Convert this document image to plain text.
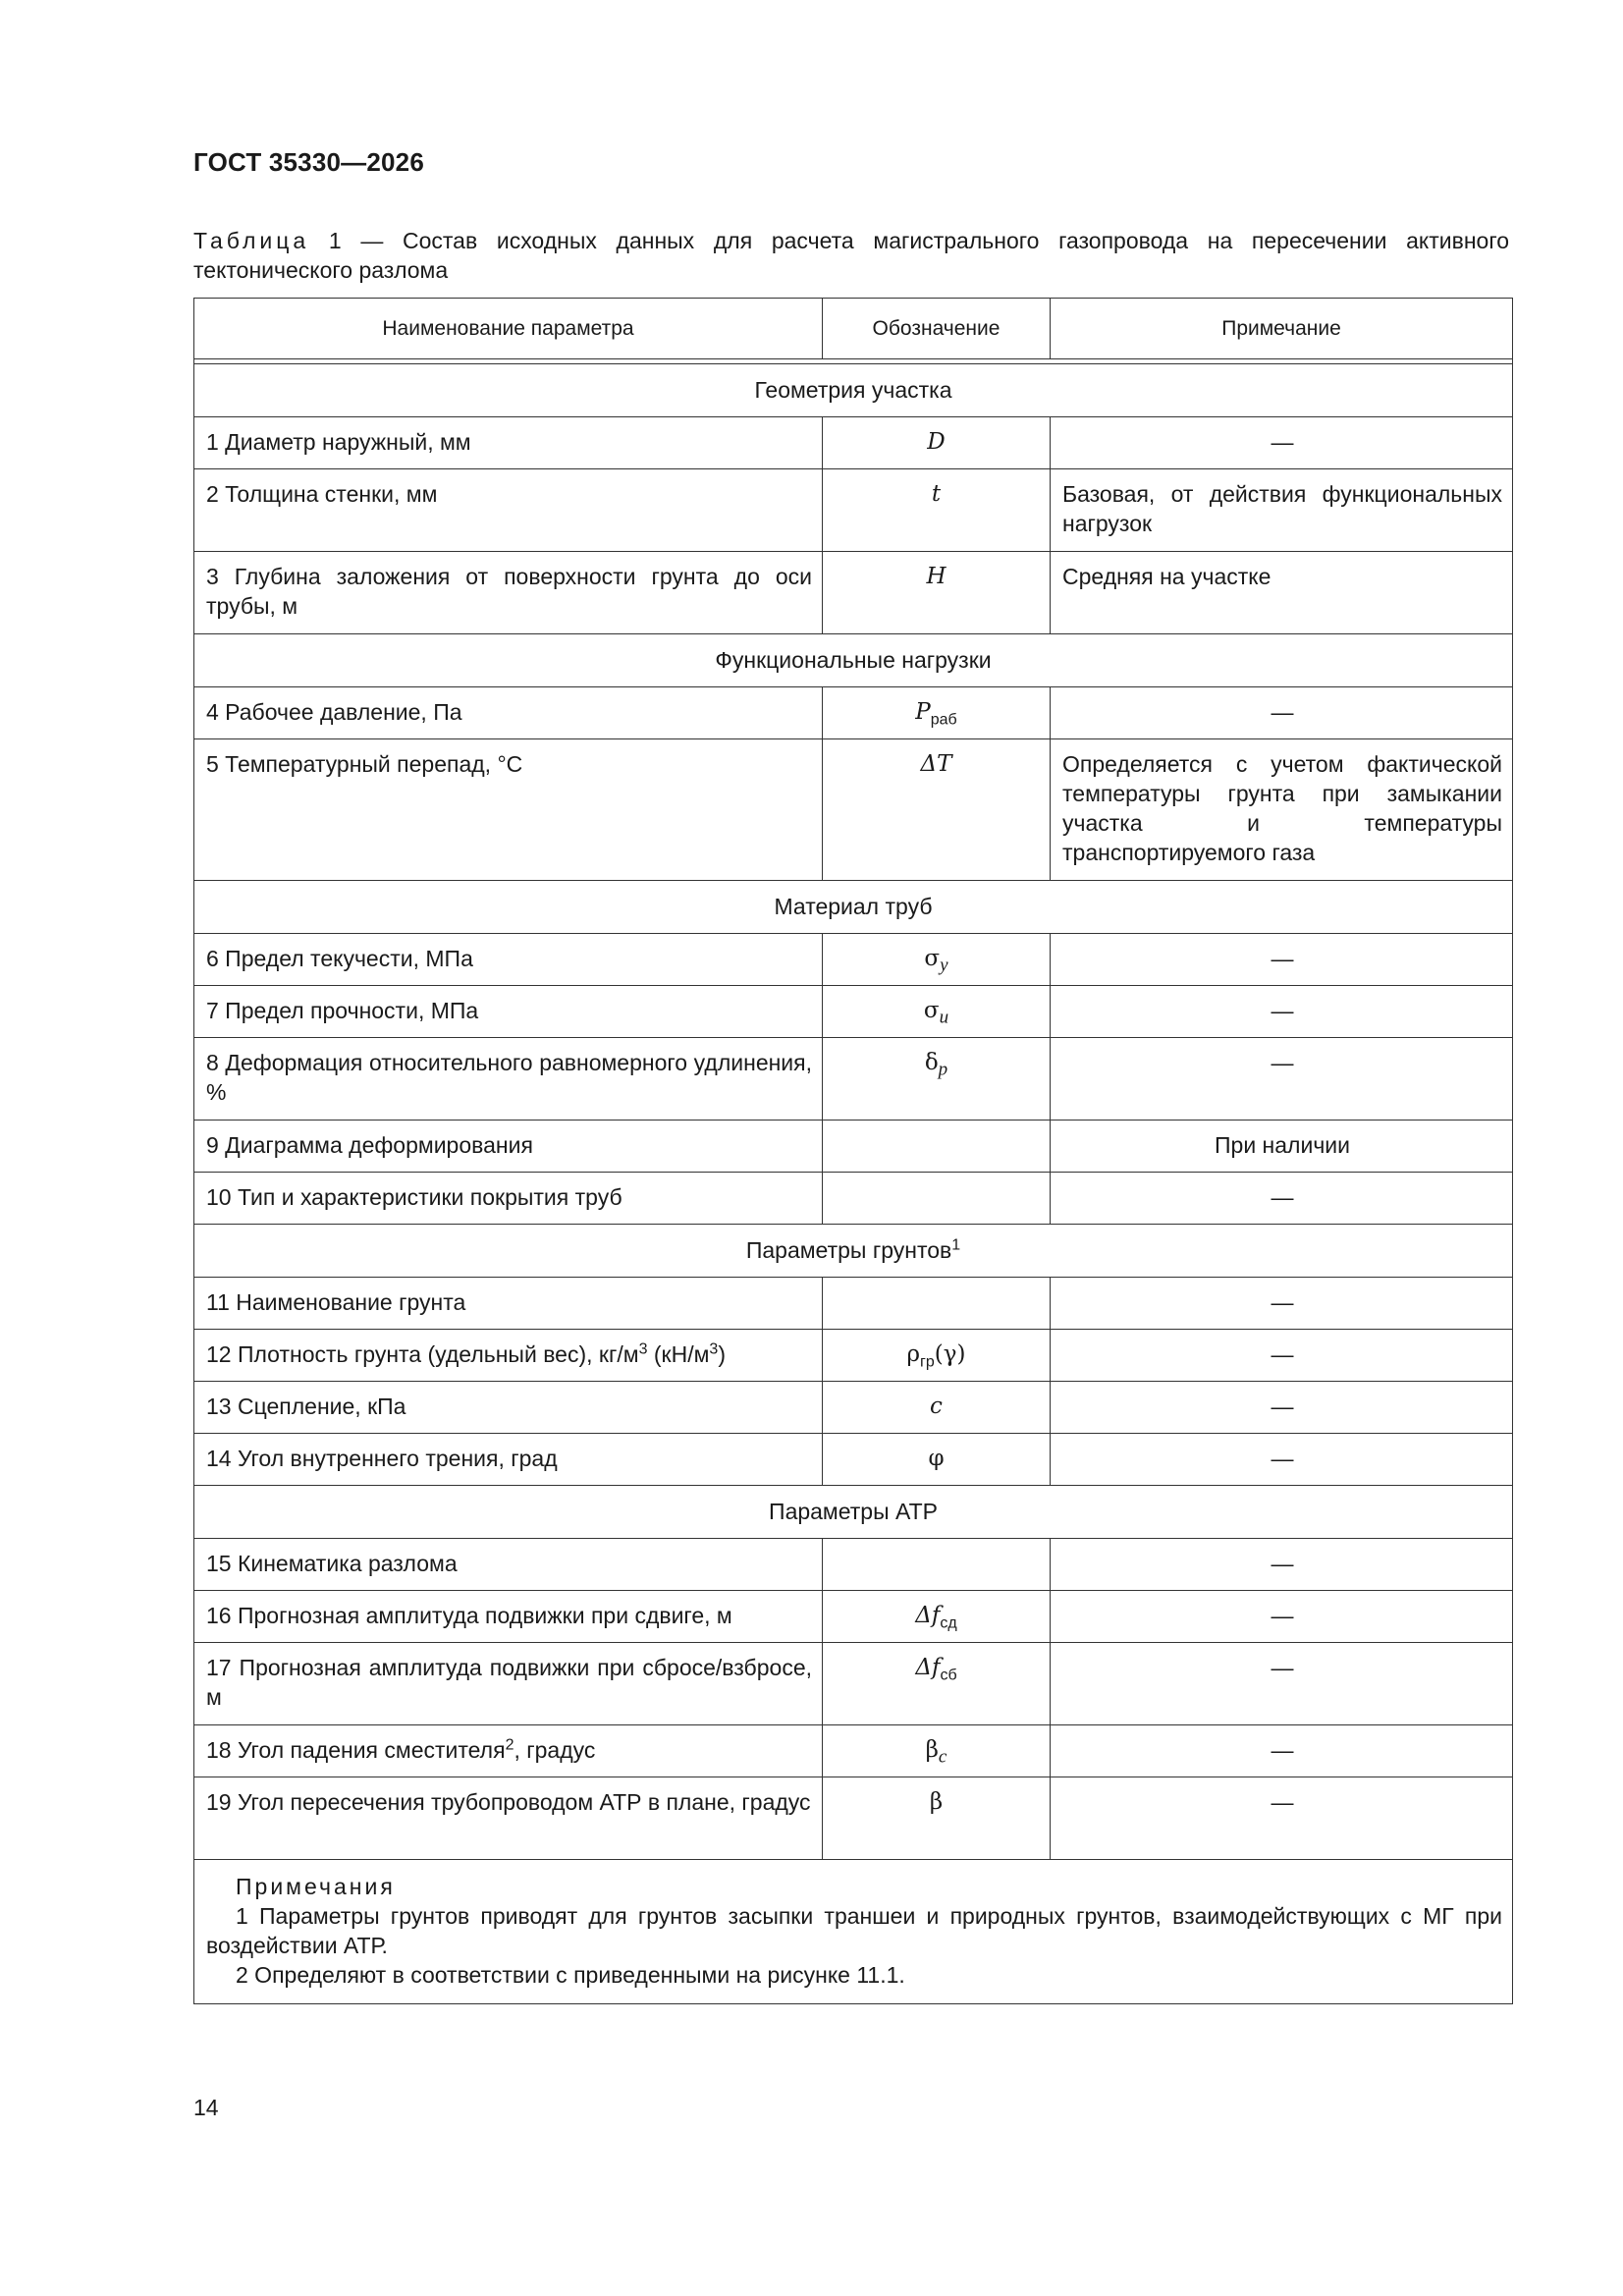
ГОСТ 35330—2026
Таблица 1 — Состав исходных данных для расчета магистрального газопровода на пересечении активного тектонического разлома
Наименование параметра	Обозначение	Примечание

Геометрия участка		
1 Диаметр наружный, мм	D	—
2 Толщина стенки, мм	t	Базовая, от действия функциональных нагрузок
3 Глубина заложения от поверхности грунта до оси трубы, м	H	Средняя на участке
Функциональные нагрузки		
4 Рабочее давление, Па	$P_{раб}$	—
5 Температурный перепад, °С	ΔT	Определяется с учетом фактической температуры грунта при замыкании участка и температуры транспортируемого газа
Материал труб		
6 Предел текучести, МПа	$\sigma_y$	—
7 Предел прочности, МПа	$\sigma_u$	—
8 Деформация относительного равномерного удлинения, %	$\delta_p$	—
9 Диаграмма деформирования		При наличии
10 Тип и характеристики покрытия труб		—
Параметры грунтов$^1$
11 Наименование грунта		—
12 Плотность грунта (удельный вес), $кг/м^3$ $(кН/м^3)$	$\rho_{гр}(\gamma)$	—
13 Сцепление, кПа	c	—
14 Угол внутреннего трения, град	φ	—
Параметры АТР		
15 Кинематика разлома		—
16 Прогнозная амплитуда подвижки при сдвиге, м	$\Delta f_{сд}$	—
17 Прогнозная амплитуда подвижки при сбросе/взбросе, м	$\Delta f_{сб}$	—
18 Угол падения сместителя$^2$, градус	$\beta_c$	—
19 Угол пересечения трубопроводом АТР в плане, градус	β	—

Примечания
1 Параметры грунтов приводят для грунтов засыпки траншеи и природных грунтов, взаимодействующих с МГ при воздействии АТР.
2 Определяют в соответствии с приведенными на рисунке 11.1.		
14
